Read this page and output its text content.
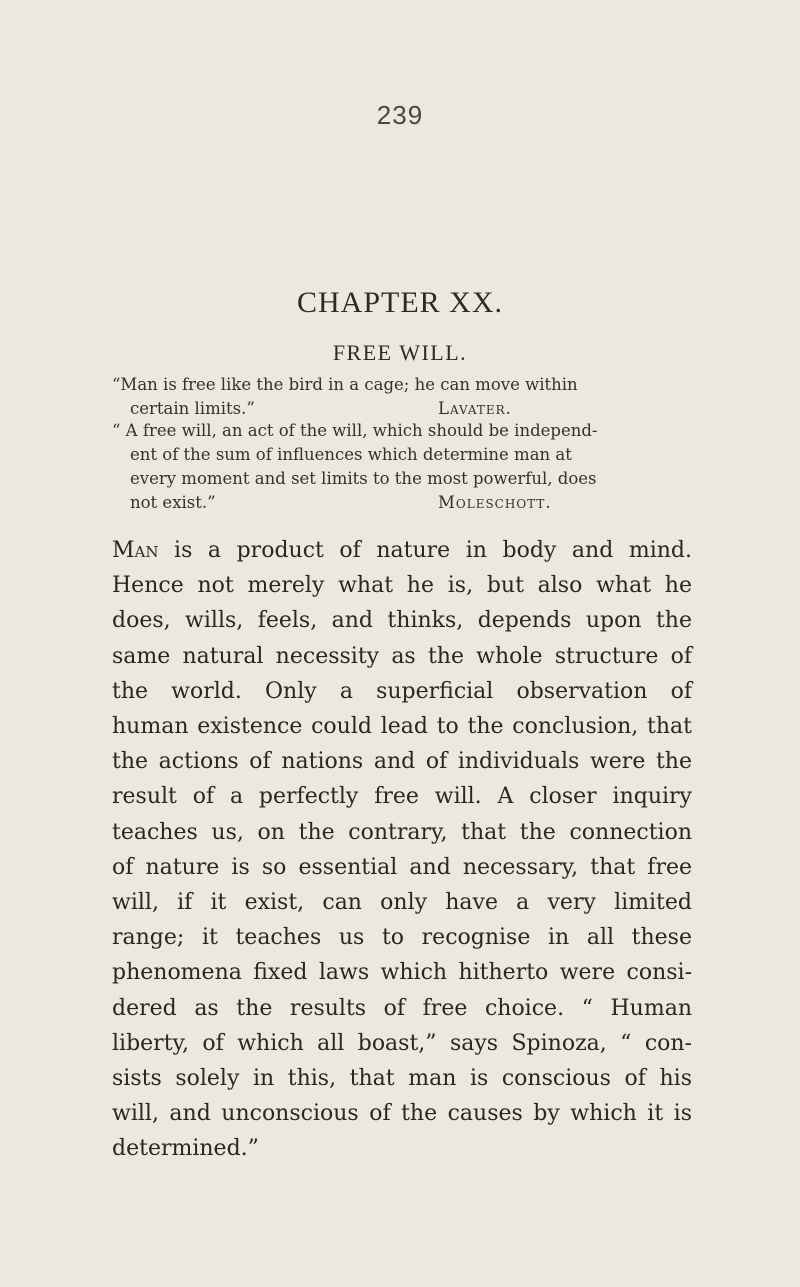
239
CHAPTER XX.
FREE WILL.
“Man is free like the bird in a cage; he can move within
certain limits.”	Lavater.
“ A free will, an act of the will, which should be independ-
ent of the sum of influences which determine man at
every moment and set limits to the most powerful, does
not exist.”	Moleschott.
Man is a product of nature in body and mind.
Hence not merely what he is, but also what he
does, wills, feels, and thinks, depends upon the
same natural necessity as the whole structure of
the world. Only a superficial observation of
human existence could lead to the conclusion, that
the actions of nations and of individuals were the
result of a perfectly free will. A closer inquiry
teaches us, on the contrary, that the connection
of nature is so essential and necessary, that free
will, if it exist, can only have a very limited
range; it teaches us to recognise in all these
phenomena fixed laws which hitherto were consi-
dered as the results of free choice. “ Human
liberty, of which all boast,” says Spinoza, “ con-
sists solely in this, that man is conscious of his
will, and unconscious of the causes by which it is
determined.”
